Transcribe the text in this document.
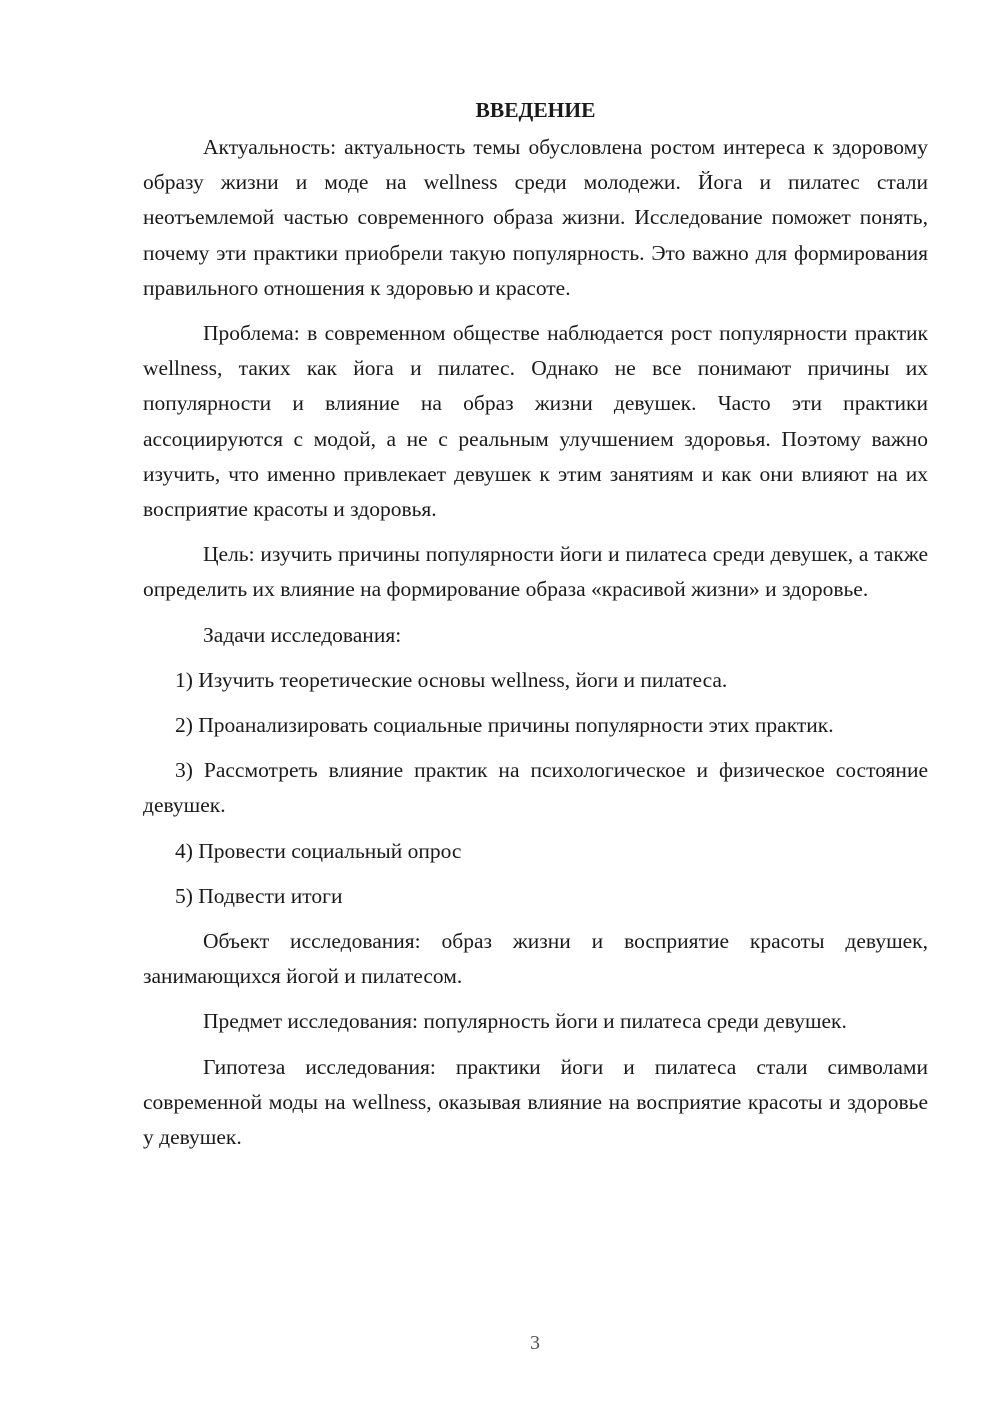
ВВЕДЕНИЕ

Актуальность: актуальность темы обусловлена ростом интереса к здоровому образу жизни и моде на wellness среди молодежи. Йога и пилатес стали неотъемлемой частью современного образа жизни. Исследование поможет понять, почему эти практики приобрели такую популярность. Это важно для формирования правильного отношения к здоровью и красоте.

Проблема: в современном обществе наблюдается рост популярности практик wellness, таких как йога и пилатес. Однако не все понимают причины их популярности и влияние на образ жизни девушек. Часто эти практики ассоциируются с модой, а не с реальным улучшением здоровья. Поэтому важно изучить, что именно привлекает девушек к этим занятиям и как они влияют на их восприятие красоты и здоровья.

Цель: изучить причины популярности йоги и пилатеса среди девушек, а также определить их влияние на формирование образа «красивой жизни» и здоровье.

Задачи исследования:

1) Изучить теоретические основы wellness, йоги и пилатеса.

2) Проанализировать социальные причины популярности этих практик.

3) Рассмотреть влияние практик на психологическое и физическое состояние девушек.

4) Провести социальный опрос

5) Подвести итоги

Объект исследования: образ жизни и восприятие красоты девушек, занимающихся йогой и пилатесом.

Предмет исследования: популярность йоги и пилатеса среди девушек.

Гипотеза исследования: практики йоги и пилатеса стали символами современной моды на wellness, оказывая влияние на восприятие красоты и здоровье у девушек.

3
